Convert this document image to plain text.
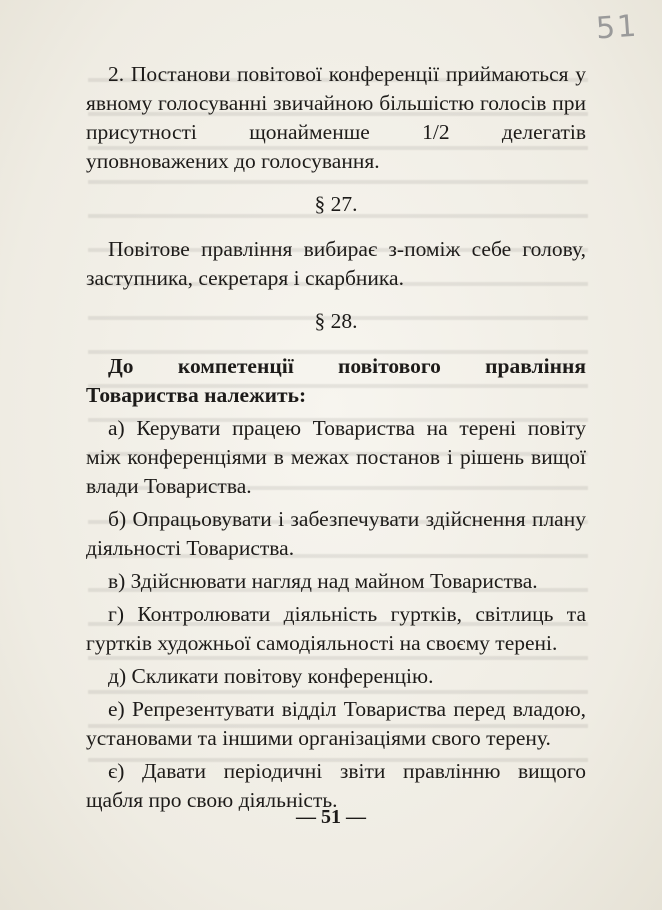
51

2. Постанови повітової конференції приймаються у явному голосуванні звичайною більшістю голосів при присутності щонайменше 1/2 делегатів уповноважених до голосування.

§ 27.

Повітове правління вибирає з-поміж себе голову, заступника, секретаря і скарбника.

§ 28.

До компетенції повітового правління Товариства належить:

а) Керувати працею Товариства на терені повіту між конференціями в межах постанов і рішень вищої влади Товариства.

б) Опрацьовувати і забезпечувати здійснення плану діяльності Товариства.

в) Здійснювати нагляд над майном Товариства.

г) Контролювати діяльність гуртків, світлиць та гуртків художньої самодіяльності на своєму терені.

д) Скликати повітову конференцію.

е) Репрезентувати відділ Товариства перед владою, установами та іншими організаціями свого терену.

є) Давати періодичні звіти правлінню вищого щабля про свою діяльність.

— 51 —
